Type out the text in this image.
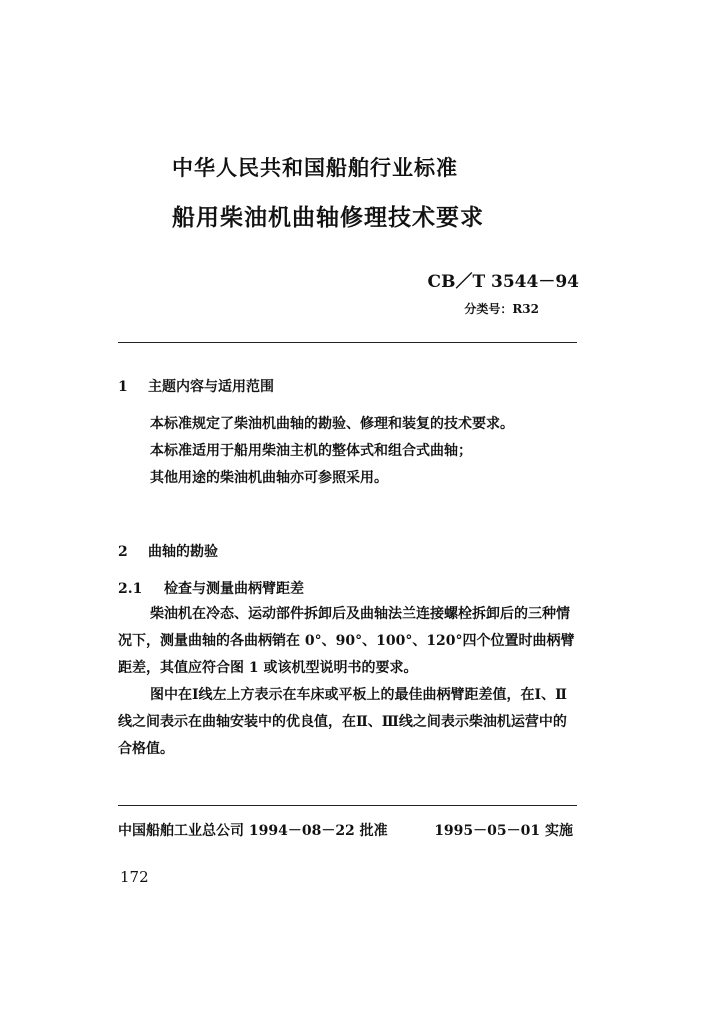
中华人民共和国船舶行业标准
船用柴油机曲轴修理技术要求
CB／T 3544－94
分类号：R32
1 主题内容与适用范围

本标准规定了柴油机曲轴的勘验、修理和装复的技术要求。

本标准适用于船用柴油主机的整体式和组合式曲轴；

其他用途的柴油机曲轴亦可参照采用。

2 曲轴的勘验
2.1 检查与测量曲柄臂距差

柴油机在冷态、运动部件拆卸后及曲轴法兰连接螺栓拆卸后的三种情况下，测量曲轴的各曲柄销在 0°、90°、100°、120°四个位置时曲柄臂距差，其值应符合图 1 或该机型说明书的要求。

图中在Ⅰ线左上方表示在车床或平板上的最佳曲柄臂距差值，在Ⅰ、Ⅱ线之间表示在曲轴安装中的优良值，在Ⅱ、Ⅲ线之间表示柴油机运营中的合格值。

中国船舶工业总公司 1994－08－22 批准	1995－05－01 实施
172
